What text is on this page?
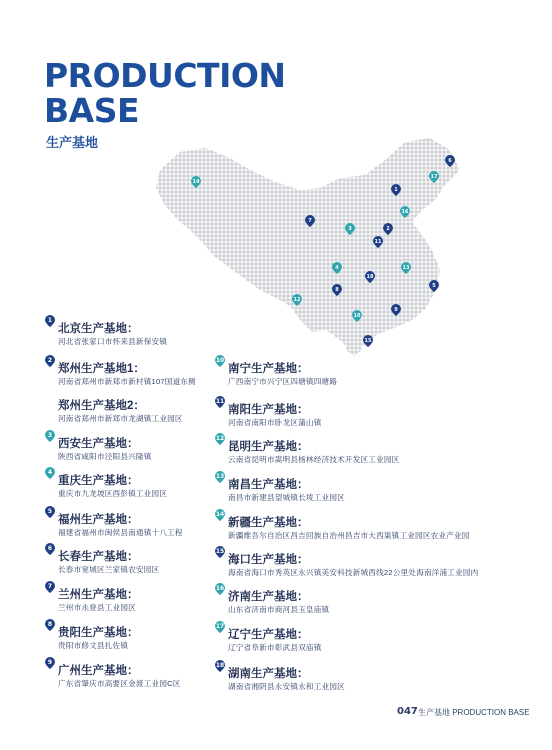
PRODUCTION
BASE
生产基地
6
17
14
1
16
7
3	2
11
4	13
18
5
8
12
9
10
15
1
北京生产基地：
河北省张家口市怀来县新保安镇
2
郑州生产基地1：
河南省郑州市新郑市新村镇107国道东侧
郑州生产基地2：
河南省郑州市新郑市龙湖镇工业园区
3
西安生产基地：
陕西省咸阳市泾阳县兴隆镇
4
重庆生产基地：
重庆市九龙坡区西彭镇工业园区
5
福州生产基地：
福建省福州市闽侯县南通镇十八工程
6
长春生产基地：
长春市宽城区兰家镇农安园区
7
兰州生产基地：
兰州市永登县工业园区
8
贵阳生产基地：
贵阳市修文县扎佐镇
9
广州生产基地：
广东省肇庆市高要区金渡工业园C区
10
南宁生产基地：
广西南宁市兴宁区四塘镇四塘路
11
南阳生产基地：
河南省南阳市卧龙区蒲山镇
12
昆明生产基地：
云南省昆明市嵩明县杨林经济技术开发区工业园区
13
南昌生产基地：
南昌市新建县望城镇长堎工业园区
14
新疆生产基地：
新疆维吾尔自治区昌吉回族自治州昌吉市大西渠镇工业园区农业产业园
15
海口生产基地：
海南省海口市秀英区永兴镇美安科技新城西线22公里处海南洋浦工业园内
16
济南生产基地：
山东省济南市商河县玉皇庙镇
17
辽宁生产基地：
辽宁省阜新市彰武县双庙镇
18
湖南生产基地：
湖南省湘阴县永安镇永和工业园区
047 生产基地 PRODUCTION BASE
